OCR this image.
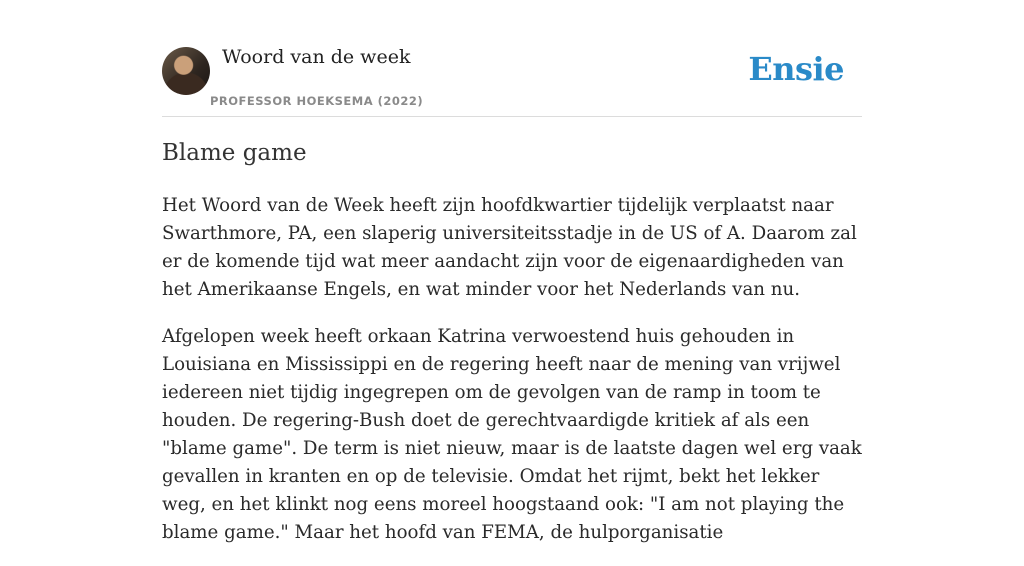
Woord van de week
PROFESSOR HOEKSEMA (2022)
Ensie
Blame game

Het Woord van de Week heeft zijn hoofdkwartier tijdelijk verplaatst naar Swarthmore, PA, een slaperig universiteitsstadje in de US of A. Daarom zal er de komende tijd wat meer aandacht zijn voor de eigenaardigheden van het Amerikaanse Engels, en wat minder voor het Nederlands van nu.

Afgelopen week heeft orkaan Katrina verwoestend huis gehouden in Louisiana en Mississippi en de regering heeft naar de mening van vrijwel iedereen niet tijdig ingegrepen om de gevolgen van de ramp in toom te houden. De regering-Bush doet de gerechtvaardigde kritiek af als een "blame game". De term is niet nieuw, maar is de laatste dagen wel erg vaak gevallen in kranten en op de televisie. Omdat het rijmt, bekt het lekker weg, en het klinkt nog eens moreel hoogstaand ook: "I am not playing the blame game." Maar het hoofd van FEMA, de hulporganisatie
